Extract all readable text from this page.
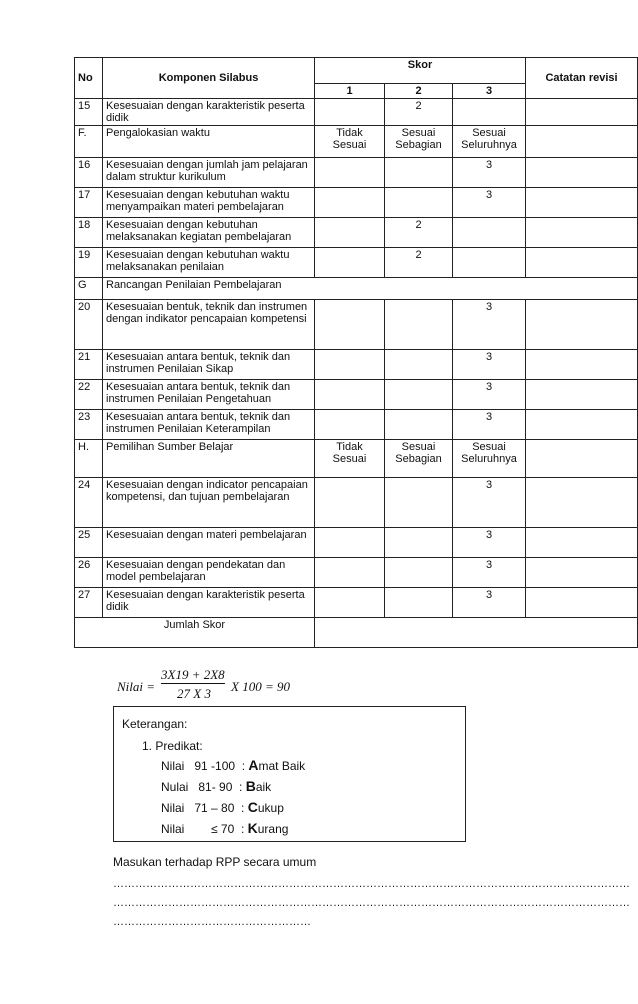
No	Komponen Silabus	Skor			Catatan revisi
		1	2	3	
15	Kesesuaian dengan karakteristik peserta didik		2		
F.	Pengalokasian waktu	Tidak Sesuai	Sesuai Sebagian	Sesuai Seluruhnya	
16	Kesesuaian dengan jumlah jam pelajaran dalam struktur kurikulum			3	
17	Kesesuaian dengan kebutuhan waktu menyampaikan materi pembelajaran			3	
18	Kesesuaian dengan kebutuhan melaksanakan kegiatan pembelajaran		2		
19	Kesesuaian dengan kebutuhan waktu melaksanakan penilaian		2		
G	Rancangan Penilaian Pembelajaran				
20	Kesesuaian bentuk, teknik dan instrumen dengan indikator pencapaian kompetensi			3	
21	Kesesuaian antara bentuk, teknik dan instrumen Penilaian Sikap			3	
22	Kesesuaian antara bentuk, teknik dan instrumen Penilaian Pengetahuan			3	
23	Kesesuaian antara bentuk, teknik dan instrumen Penilaian Keterampilan			3	
H.	Pemilihan Sumber Belajar	Tidak Sesuai	Sesuai Sebagian	Sesuai Seluruhnya	
24	Kesesuaian dengan indicator pencapaian kompetensi, dan tujuan pembelajaran			3	
25	Kesesuaian dengan materi pembelajaran			3	
26	Kesesuaian dengan pendekatan dan model pembelajaran			3	
27	Kesesuaian dengan karakteristik peserta didik			3	
Jumlah Skor					
Nilai =
3X19 + 2X8
27 X 3 X 100 = 90
Keterangan:
1. Predikat:
Nilai   91 -100  : Amat Baik
Nulai   81- 90  : Baik
Nilai   71 – 80  : Cukup
Nilai        ≤ 70  : Kurang
Masukan terhadap RPP secara umum
……………………………………………………………………………………………………………………………
……………………………………………………………………………………………………………………………
………………………………………………
